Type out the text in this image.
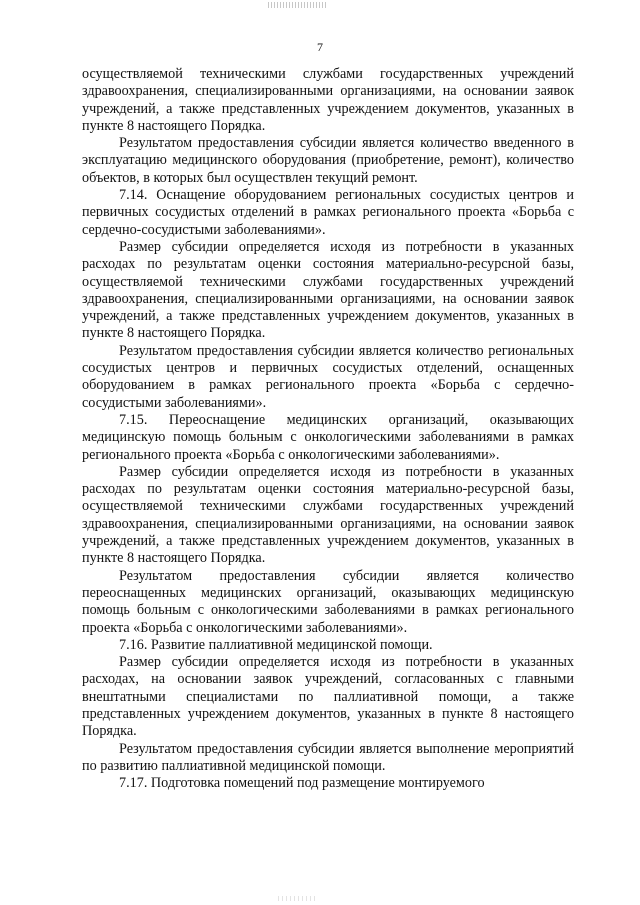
7

осуществляемой техническими службами государственных учреждений здравоохранения, специализированными организациями, на основании заявок учреждений, а также представленных учреждением документов, указанных в пункте 8 настоящего Порядка.

Результатом предоставления субсидии является количество введенного в эксплуатацию медицинского оборудования (приобретение, ремонт), количество объектов, в которых был осуществлен текущий ремонт.

7.14. Оснащение оборудованием региональных сосудистых центров и первичных сосудистых отделений в рамках регионального проекта «Борьба с сердечно-сосудистыми заболеваниями».

Размер субсидии определяется исходя из потребности в указанных расходах по результатам оценки состояния материально-ресурсной базы, осуществляемой техническими службами государственных учреждений здравоохранения, специализированными организациями, на основании заявок учреждений, а также представленных учреждением документов, указанных в пункте 8 настоящего Порядка.

Результатом предоставления субсидии является количество региональных сосудистых центров и первичных сосудистых отделений, оснащенных оборудованием в рамках регионального проекта «Борьба с сердечно-сосудистыми заболеваниями».

7.15. Переоснащение медицинских организаций, оказывающих медицинскую помощь больным с онкологическими заболеваниями в рамках регионального проекта «Борьба с онкологическими заболеваниями».

Размер субсидии определяется исходя из потребности в указанных расходах по результатам оценки состояния материально-ресурсной базы, осуществляемой техническими службами государственных учреждений здравоохранения, специализированными организациями, на основании заявок учреждений, а также представленных учреждением документов, указанных в пункте 8 настоящего Порядка.

Результатом предоставления субсидии является количество переоснащенных медицинских организаций, оказывающих медицинскую помощь больным с онкологическими заболеваниями в рамках регионального проекта «Борьба с онкологическими заболеваниями».

7.16. Развитие паллиативной медицинской помощи.

Размер субсидии определяется исходя из потребности в указанных расходах, на основании заявок учреждений, согласованных с главными внештатными специалистами по паллиативной помощи, а также представленных учреждением документов, указанных в пункте 8 настоящего Порядка.

Результатом предоставления субсидии является выполнение мероприятий по развитию паллиативной медицинской помощи.

7.17. Подготовка помещений под размещение монтируемого
